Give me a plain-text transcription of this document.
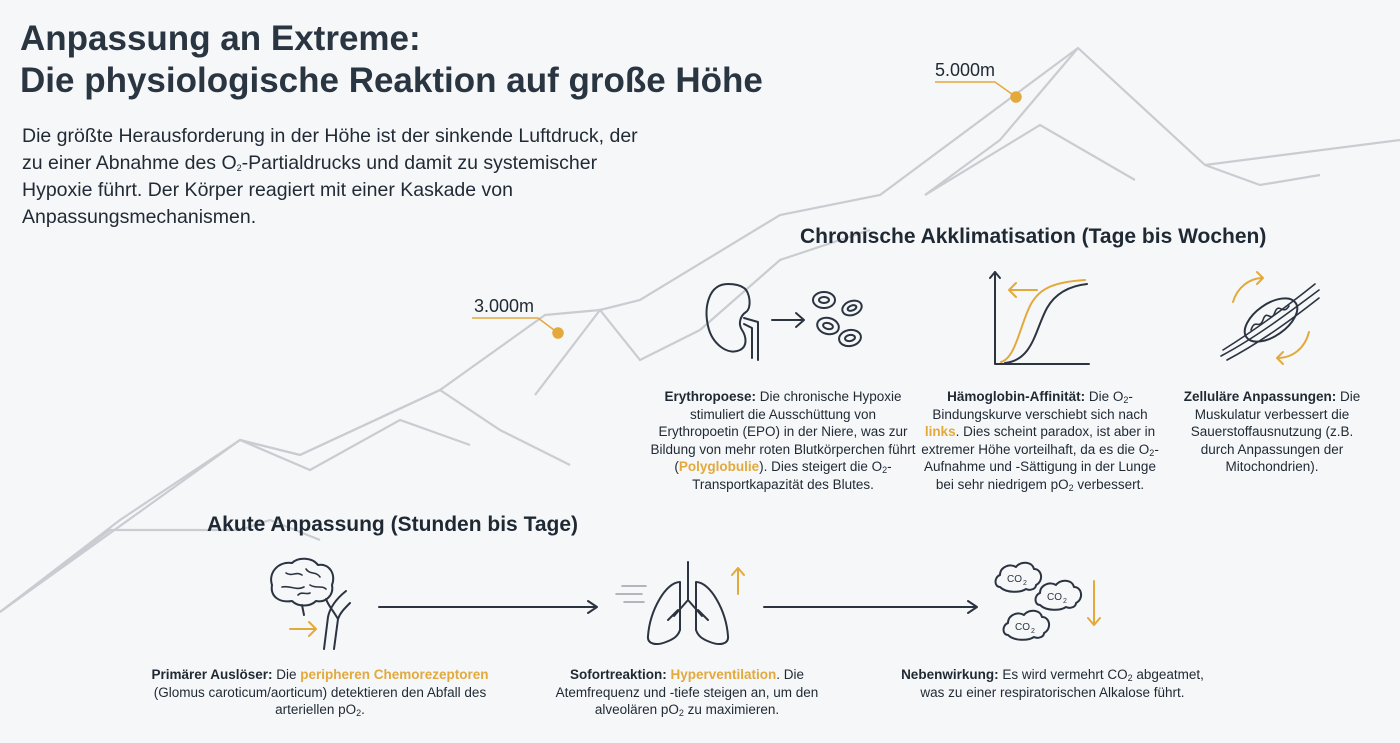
Anpassung an Extreme:
Die physiologische Reaktion auf große Höhe

Die größte Herausforderung in der Höhe ist der sinkende Luftdruck, der zu einer Abnahme des $O_2$-Partialdrucks und damit zu systemischer Hypoxie führt. Der Körper reagiert mit einer Kaskade von Anpassungsmechanismen.

5.000m
3.000m
Chronische Akklimatisation (Tage bis Wochen)

Erythropoese: Die chronische Hypoxie stimuliert die Ausschüttung von Erythropoetin (EPO) in der Niere, was zur Bildung von mehr roten Blutkörperchen führt (Polyglobulie). Dies steigert die $O_2$-Transportkapazität des Blutes.

Hämoglobin-Affinität: Die $O_2$-Bindungskurve verschiebt sich nach links. Dies scheint paradox, ist aber in extremer Höhe vorteilhaft, da es die $O_2$-Aufnahme und -Sättigung in der Lunge bei sehr niedrigem $pO_2$ verbessert.

Zelluläre Anpassungen: Die Muskulatur verbessert die Sauerstoffausnutzung (z.B. durch Anpassungen der Mitochondrien).

Akute Anpassung (Stunden bis Tage)
CO 2
CO 2
CO 2

Primärer Auslöser: Die peripheren Chemorezeptoren (Glomus caroticum/aorticum) detektieren den Abfall des arteriellen $pO_2$.

Sofortreaktion: Hyperventilation. Die Atemfrequenz und -tiefe steigen an, um den alveolären $pO_2$ zu maximieren.

Nebenwirkung: Es wird vermehrt $CO_2$ abgeatmet, was zu einer respiratorischen Alkalose führt.
